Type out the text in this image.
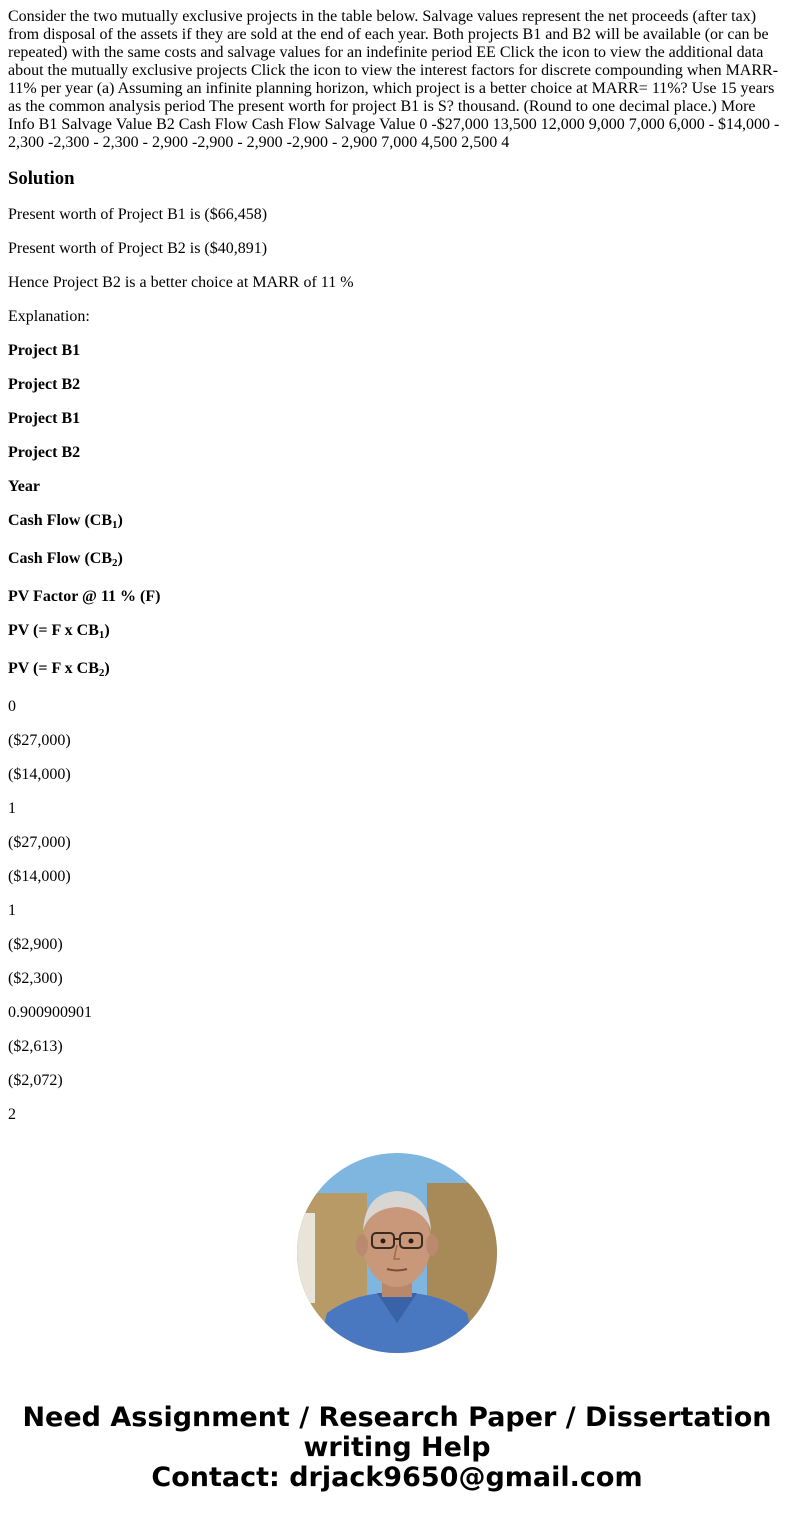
Consider the two mutually exclusive projects in the table below. Salvage values represent the net proceeds (after tax) from disposal of the assets if they are sold at the end of each year. Both projects B1 and B2 will be available (or can be repeated) with the same costs and salvage values for an indefinite period EE Click the icon to view the additional data about the mutually exclusive projects Click the icon to view the interest factors for discrete compounding when MARR-11% per year (a) Assuming an infinite planning horizon, which project is a better choice at MARR= 11%? Use 15 years as the common analysis period The present worth for project B1 is S? thousand. (Round to one decimal place.) More Info B1 Salvage Value B2 Cash Flow Cash Flow Salvage Value 0 -$27,000 13,500 12,000 9,000 7,000 6,000 - $14,000 - 2,300 -2,300 - 2,300 - 2,900 -2,900 - 2,900 -2,900 - 2,900 7,000 4,500 2,500 4
Solution

Present worth of Project B1 is ($66,458)

Present worth of Project B2 is ($40,891)

Hence Project B2 is a better choice at MARR of 11 %

Explanation:

Project B1

Project B2

Project B1

Project B2

Year

Cash Flow $(CB_1)$

Cash Flow $(CB_2)$

PV Factor @ 11 % (F)

PV (= F x $CB_1$)

PV (= F x $CB_2$)

0

($27,000)

($14,000)

1

($27,000)

($14,000)

1

($2,900)

($2,300)

0.900900901

($2,613)

($2,072)

2

Need Assignment / Research Paper / Dissertation
writing Help
Contact: drjack9650@gmail.com
